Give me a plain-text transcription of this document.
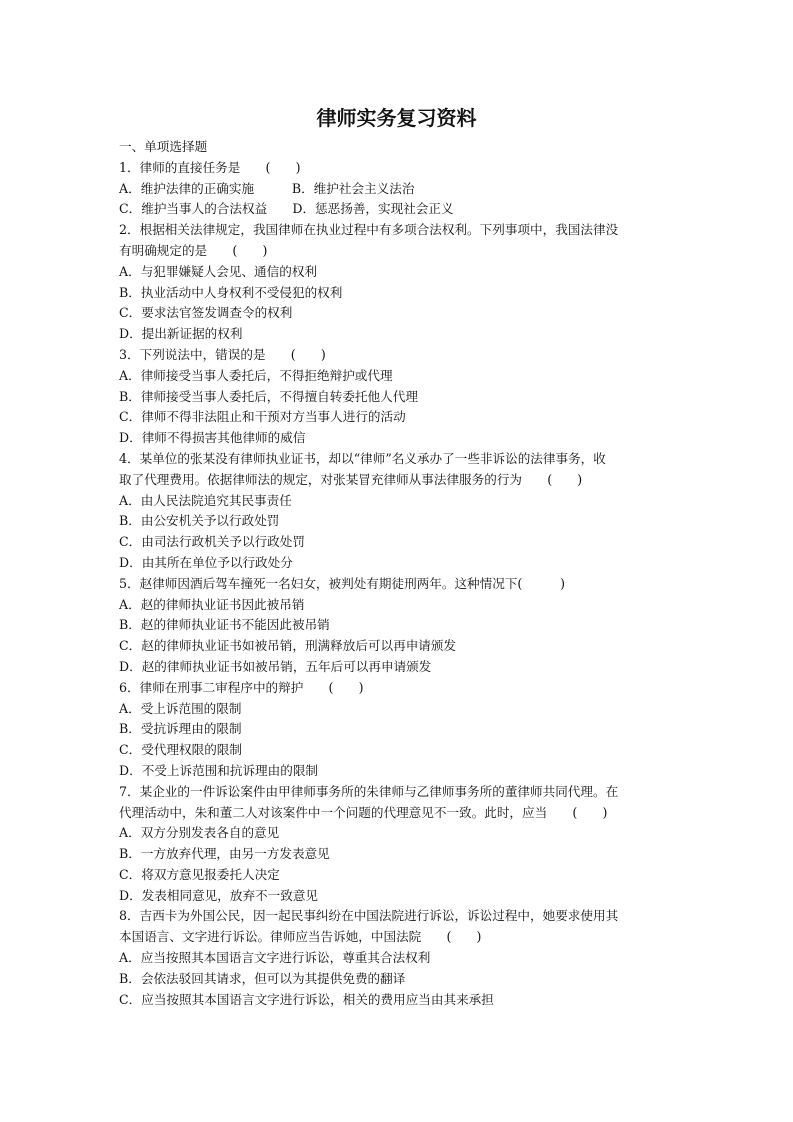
律师实务复习资料

一、单项选择题

1．律师的直接任务是　　(　　)

A．维护法律的正确实施　　　B．维护社会主义法治

C．维护当事人的合法权益　　D．惩恶扬善，实现社会正义

2．根据相关法律规定，我国律师在执业过程中有多项合法权利。下列事项中，我国法律没

有明确规定的是　　(　　)

A．与犯罪嫌疑人会见、通信的权利

B．执业活动中人身权利不受侵犯的权利

C．要求法官签发调查令的权利

D．提出新证据的权利

3．下列说法中，错误的是　　(　　)

A．律师接受当事人委托后，不得拒绝辩护或代理

B．律师接受当事人委托后，不得擅自转委托他人代理

C．律师不得非法阻止和干预对方当事人进行的活动

D．律师不得损害其他律师的威信

4．某单位的张某没有律师执业证书，却以“律师”名义承办了一些非诉讼的法律事务，收

取了代理费用。依据律师法的规定，对张某冒充律师从事法律服务的行为　　(　　)

A．由人民法院追究其民事责任

B．由公安机关予以行政处罚

C．由司法行政机关予以行政处罚

D．由其所在单位予以行政处分

5．赵律师因酒后驾车撞死一名妇女，被判处有期徒刑两年。这种情况下(　　　)

A．赵的律师执业证书因此被吊销

B．赵的律师执业证书不能因此被吊销

C．赵的律师执业证书如被吊销，刑满释放后可以再申请颁发

D．赵的律师执业证书如被吊销，五年后可以再申请颁发

6．律师在刑事二审程序中的辩护　　(　　)

A．受上诉范围的限制

B．受抗诉理由的限制

C．受代理权限的限制

D．不受上诉范围和抗诉理由的限制

7．某企业的一件诉讼案件由甲律师事务所的朱律师与乙律师事务所的董律师共同代理。在

代理活动中，朱和董二人对该案件中一个问题的代理意见不一致。此时，应当　　(　　)

A．双方分别发表各自的意见

B．一方放弃代理，由另一方发表意见

C．将双方意见报委托人决定

D．发表相同意见，放弃不一致意见

8．吉西卡为外国公民，因一起民事纠纷在中国法院进行诉讼，诉讼过程中，她要求使用其

本国语言、文字进行诉讼。律师应当告诉她，中国法院　　(　　)

A．应当按照其本国语言文字进行诉讼，尊重其合法权利

B．会依法驳回其请求，但可以为其提供免费的翻译

C．应当按照其本国语言文字进行诉讼，相关的费用应当由其来承担
